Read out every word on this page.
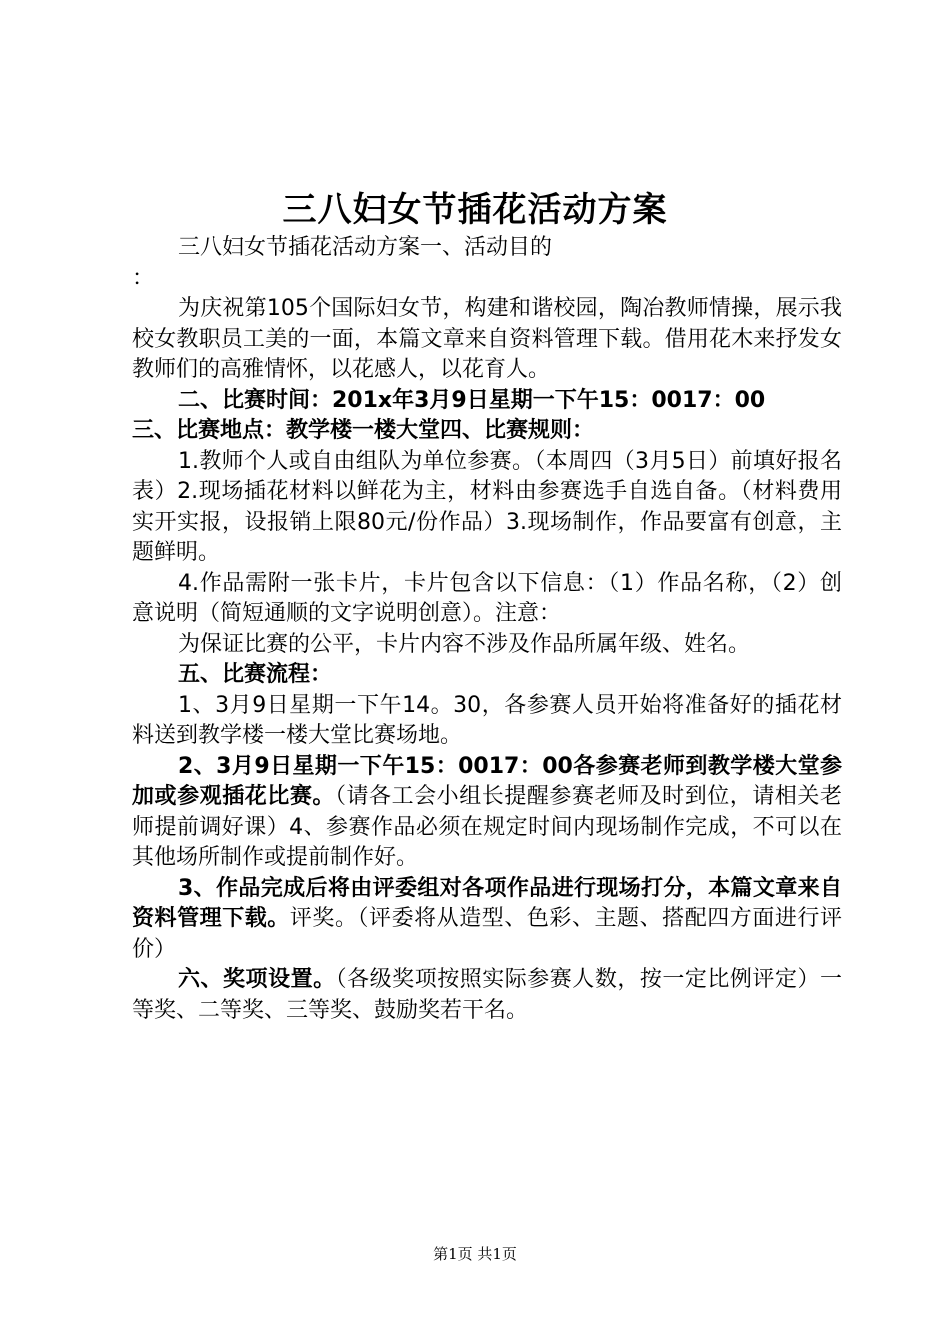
三八妇女节插花活动方案

三八妇女节插花活动方案一、活动目的

：

为庆祝第105个国际妇女节，构建和谐校园，陶冶教师情操，展示我校女教职员工美的一面，本篇文章来自资料管理下载。借用花木来抒发女教师们的高雅情怀，以花感人，以花育人。

二、比赛时间：201x年3月9日星期一下午15：0017：00

三、比赛地点：教学楼一楼大堂四、比赛规则：

1.教师个人或自由组队为单位参赛。（本周四（3月5日）前填好报名表）2.现场插花材料以鲜花为主，材料由参赛选手自选自备。（材料费用实开实报，设报销上限80元/份作品）3.现场制作，作品要富有创意，主题鲜明。

4.作品需附一张卡片，卡片包含以下信息：（1）作品名称，（2）创意说明（简短通顺的文字说明创意）。注意：

为保证比赛的公平，卡片内容不涉及作品所属年级、姓名。

五、比赛流程：

1、3月9日星期一下午14。30，各参赛人员开始将准备好的插花材料送到教学楼一楼大堂比赛场地。

2、3月9日星期一下午15：0017：00各参赛老师到教学楼大堂参加或参观插花比赛。（请各工会小组长提醒参赛老师及时到位，请相关老师提前调好课）4、参赛作品必须在规定时间内现场制作完成，不可以在其他场所制作或提前制作好。

3、作品完成后将由评委组对各项作品进行现场打分，本篇文章来自资料管理下载。评奖。（评委将从造型、色彩、主题、搭配四方面进行评价）

六、奖项设置。（各级奖项按照实际参赛人数，按一定比例评定）一等奖、二等奖、三等奖、鼓励奖若干名。

第1页 共1页
